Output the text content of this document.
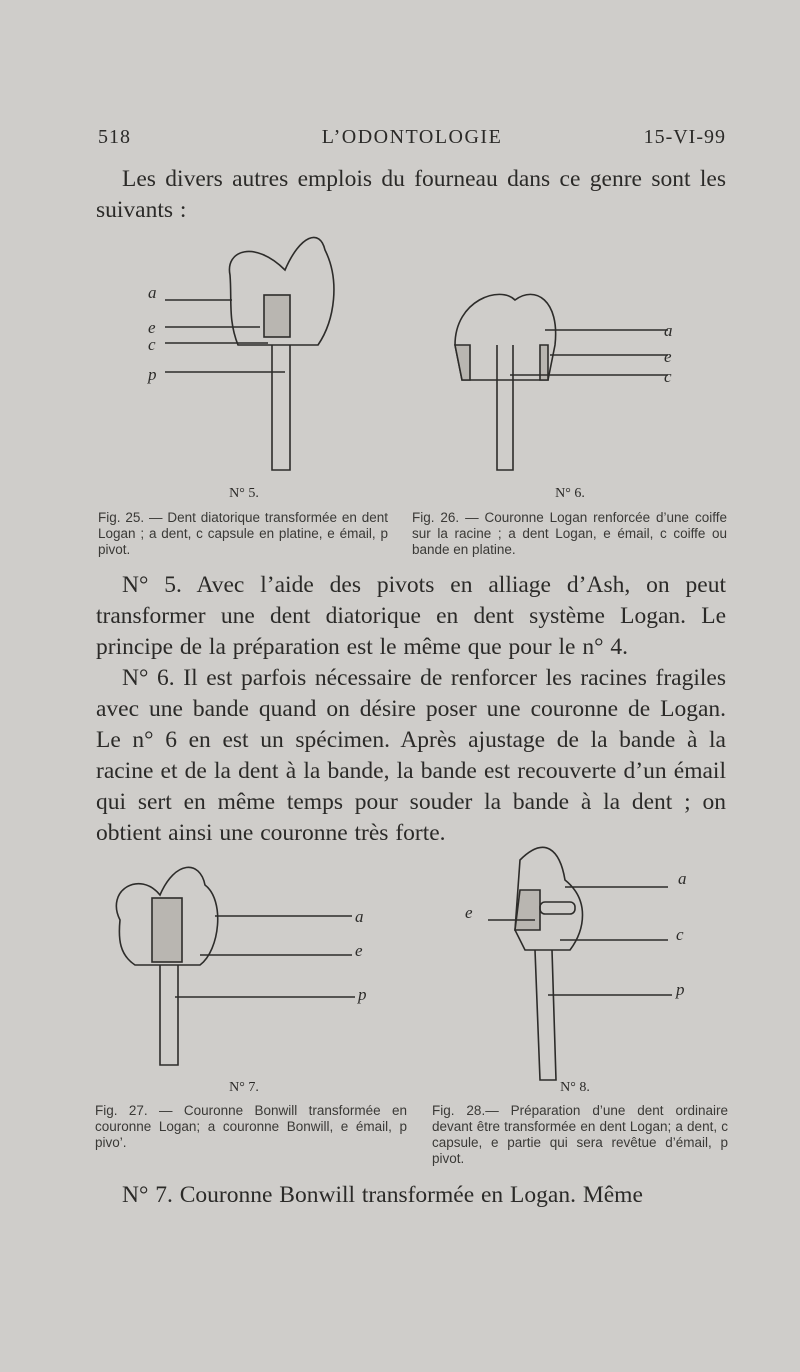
518	L’ODONTOLOGIE	15-VI-99
Les divers autres emplois du fourneau dans ce genre sont les suivants :
a
e
c
p
a
e
c
a
e
p
a
e
c
p
N° 5.	N° 6.
Fig. 25. — Dent diatorique transformée en dent Logan ; a dent, c capsule en platine, e émail, p pivot.
Fig. 26. — Couronne Logan renforcée d’une coiffe sur la racine ; a dent Logan, e émail, c coiffe ou bande en platine.
N° 5. Avec l’aide des pivots en alliage d’Ash, on peut transformer une dent diatorique en dent système Logan. Le principe de la préparation est le même que pour le n° 4.
N° 6. Il est parfois nécessaire de renforcer les racines fragiles avec une bande quand on désire poser une couronne de Logan. Le n° 6 en est un spécimen. Après ajustage de la bande à la racine et de la dent à la bande, la bande est recouverte d’un émail qui sert en même temps pour souder la bande à la dent ; on obtient ainsi une couronne très forte.
N° 7.	N° 8.
Fig. 27. — Couronne Bonwill transformée en couronne Logan; a couronne Bonwill, e émail, p pivo’.
Fig. 28.— Préparation d’une dent ordinaire devant être transformée en dent Logan; a dent, c capsule, e partie qui sera revêtue d’émail, p pivot.
N° 7. Couronne Bonwill transformée en Logan. Même
